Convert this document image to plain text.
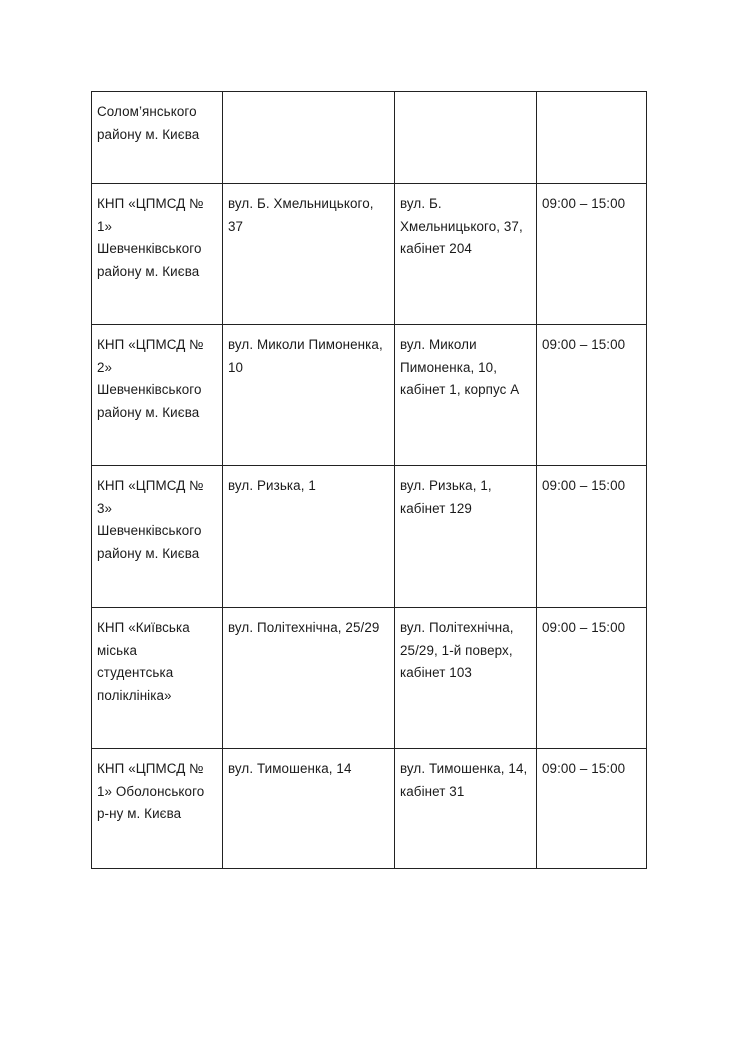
Солом’янського району м. Києва			
КНП «ЦПМСД № 1» Шевченківського району м. Києва	вул. Б. Хмельницького, 37	вул. Б. Хмельницького, 37, кабінет 204	09:00 – 15:00
КНП «ЦПМСД № 2» Шевченківського району м. Києва	вул. Миколи Пимоненка, 10	вул. Миколи Пимоненка, 10, кабінет 1, корпус А	09:00 – 15:00
КНП «ЦПМСД № 3» Шевченківського району м. Києва	вул. Ризька, 1	вул. Ризька, 1, кабінет 129	09:00 – 15:00
КНП «Київська міська студентська поліклініка»	вул. Політехнічна, 25/29	вул. Політехнічна, 25/29, 1-й поверх, кабінет 103	09:00 – 15:00
КНП «ЦПМСД № 1» Оболонського р-ну м. Києва	вул. Тимошенка, 14	вул. Тимошенка, 14, кабінет 31	09:00 – 15:00
